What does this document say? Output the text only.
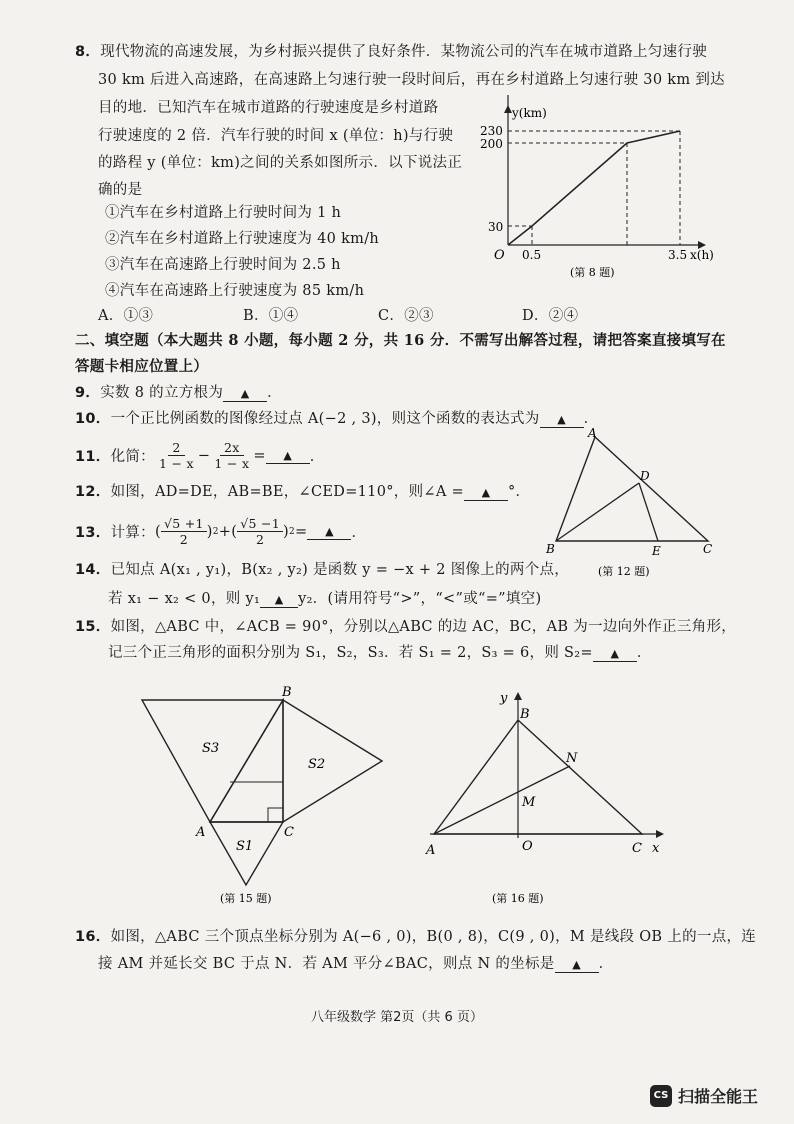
8．现代物流的高速发展，为乡村振兴提供了良好条件．某物流公司的汽车在城市道路上匀速行驶
30 km 后进入高速路，在高速路上匀速行驶一段时间后，再在乡村道路上匀速行驶 30 km 到达
目的地．已知汽车在城市道路的行驶速度是乡村道路
行驶速度的 2 倍．汽车行驶的时间 x (单位：h)与行驶
的路程 y (单位：km)之间的关系如图所示．以下说法正
确的是
①汽车在乡村道路上行驶时间为 1 h
②汽车在乡村道路上行驶速度为 40 km/h
③汽车在高速路上行驶时间为 2.5 h
④汽车在高速路上行驶速度为 85 km/h
A．①③	B．①④	C．②③	D．②④
y(km)
230
200
30
O 0.5	3.5 x(h)
(第 8 题)
二、填空题（本大题共 8 小题，每小题 2 分，共 16 分．不需写出解答过程，请把答案直接填写在
答题卡相应位置上）
9．实数 8 的立方根为 ▲ ．
10．一个正比例函数的图像经过点 A(−2 , 3)，则这个函数的表达式为 ▲ ．
11． 化简： $\frac{2}{1 - x} - \frac{2x}{1 - x}$ =	▲	．
12．如图，AD=DE，AB=BE，∠CED=110°，则∠A = ▲ °．
A
D
B	E	C
(第 12 题)
13． 计算： ( $\frac{√5 +1}{2}$ ) 2 + ( $\frac{√5 -1}{2}$ ) 2 =	▲	．
14．已知点 A(x₁ , y₁)，B(x₂ , y₂) 是函数 y = −x + 2 图像上的两个点，
若 x₁ − x₂ < 0，则 y₁ ▲ y₂．(请用符号“>”，“<”或“=”填空)
15．如图，△ABC 中，∠ACB = 90°，分别以△ABC 的边 AC，BC，AB 为一边向外作正三角形，
记三个正三角形的面积分别为 S₁，S₂，S₃．若 S₁ = 2，S₃ = 6，则 S₂= ▲ ．
B
S3
S2
A	C
S1
(第 15 题)
y
B
N
M
A	O	C x
(第 16 题)
16．如图，△ABC 三个顶点坐标分别为 A(−6 , 0)，B(0 , 8)，C(9 , 0)，M 是线段 OB 上的一点，连
接 AM 并延长交 BC 于点 N．若 AM 平分∠BAC，则点 N 的坐标是 ▲ ．
八年级数学 第2页（共 6 页）
CS 扫描全能王
